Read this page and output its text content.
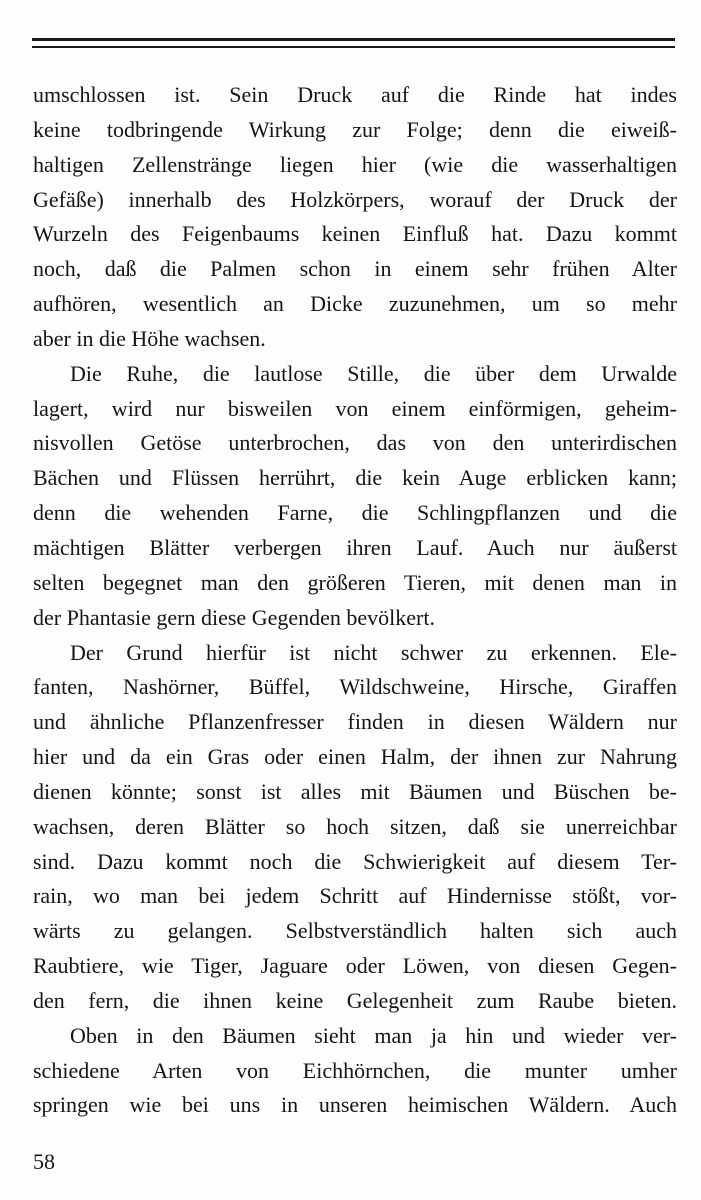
umschlossen ist. Sein Druck auf die Rinde hat indes
keine todbringende Wirkung zur Folge; denn die eiweiß-
haltigen Zellenstränge liegen hier (wie die wasserhaltigen
Gefäße) innerhalb des Holzkörpers, worauf der Druck der
Wurzeln des Feigenbaums keinen Einfluß hat. Dazu kommt
noch, daß die Palmen schon in einem sehr frühen Alter
aufhören, wesentlich an Dicke zuzunehmen, um so mehr
aber in die Höhe wachsen.
Die Ruhe, die lautlose Stille, die über dem Urwalde
lagert, wird nur bisweilen von einem einförmigen, geheim-
nisvollen Getöse unterbrochen, das von den unterirdischen
Bächen und Flüssen herrührt, die kein Auge erblicken kann;
denn die wehenden Farne, die Schlingpflanzen und die
mächtigen Blätter verbergen ihren Lauf. Auch nur äußerst
selten begegnet man den größeren Tieren, mit denen man in
der Phantasie gern diese Gegenden bevölkert.
Der Grund hierfür ist nicht schwer zu erkennen. Ele-
fanten, Nashörner, Büffel, Wildschweine, Hirsche, Giraffen
und ähnliche Pflanzenfresser finden in diesen Wäldern nur
hier und da ein Gras oder einen Halm, der ihnen zur Nahrung
dienen könnte; sonst ist alles mit Bäumen und Büschen be-
wachsen, deren Blätter so hoch sitzen, daß sie unerreichbar
sind. Dazu kommt noch die Schwierigkeit auf diesem Ter-
rain, wo man bei jedem Schritt auf Hindernisse stößt, vor-
wärts zu gelangen. Selbstverständlich halten sich auch
Raubtiere, wie Tiger, Jaguare oder Löwen, von diesen Gegen-
den fern, die ihnen keine Gelegenheit zum Raube bieten.
Oben in den Bäumen sieht man ja hin und wieder ver-
schiedene Arten von Eichhörnchen, die munter umher
springen wie bei uns in unseren heimischen Wäldern. Auch
58
